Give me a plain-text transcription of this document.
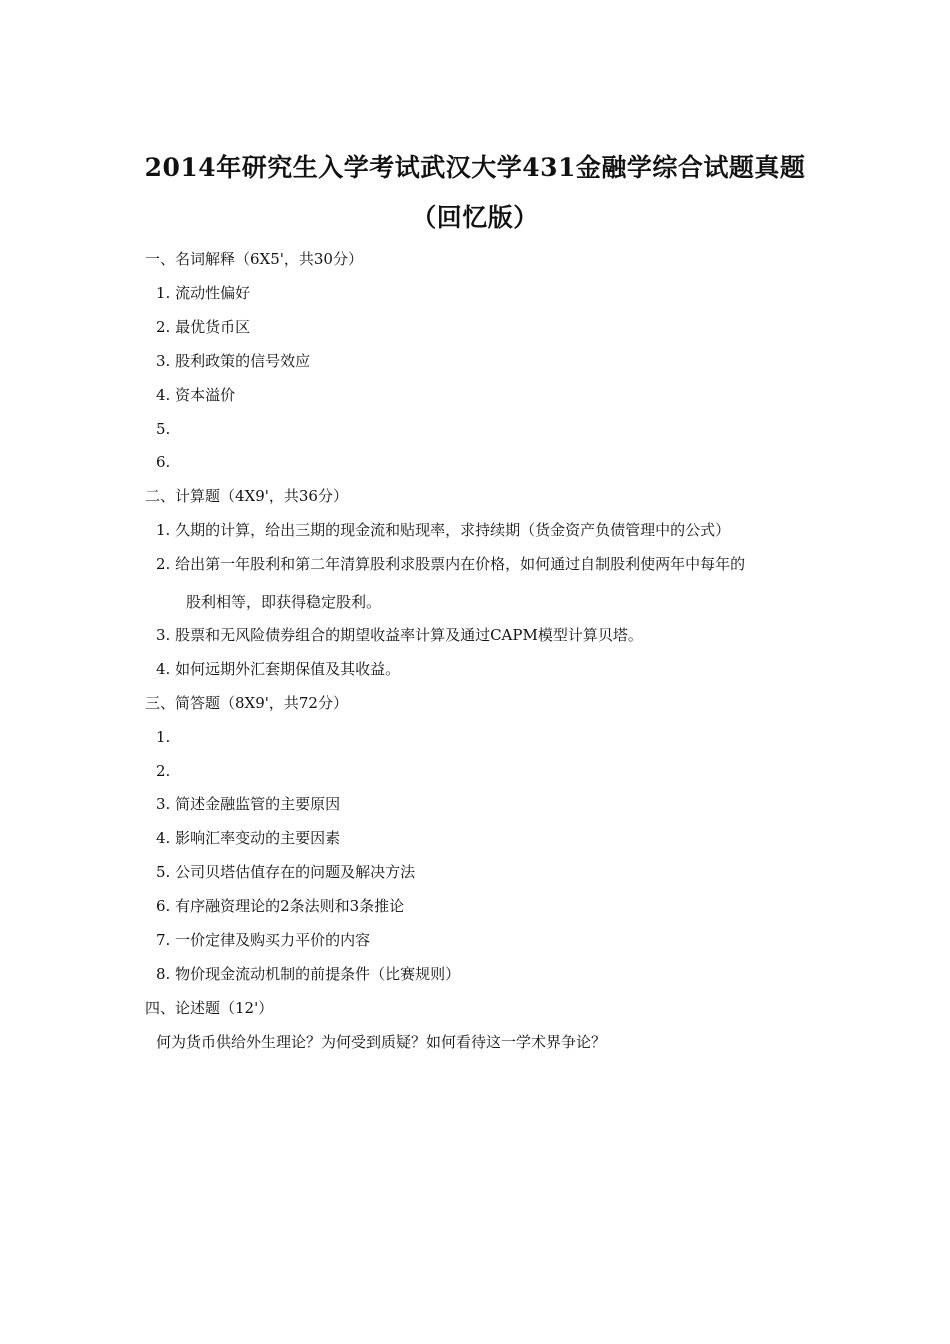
2014年研究生入学考试武汉大学431金融学综合试题真题
（回忆版）
一、名词解释（6X5'，共30分）
1. 流动性偏好
2. 最优货币区
3. 股利政策的信号效应
4. 资本溢价
5.
6.
二、计算题（4X9'，共36分）
1. 久期的计算，给出三期的现金流和贴现率，求持续期（货金资产负债管理中的公式）
2. 给出第一年股利和第二年清算股利求股票内在价格，如何通过自制股利使两年中每年的
股利相等，即获得稳定股利。
3. 股票和无风险债券组合的期望收益率计算及通过CAPM模型计算贝塔。
4. 如何远期外汇套期保值及其收益。
三、简答题（8X9'，共72分）
1.
2.
3. 简述金融监管的主要原因
4. 影响汇率变动的主要因素
5. 公司贝塔估值存在的问题及解决方法
6. 有序融资理论的2条法则和3条推论
7. 一价定律及购买力平价的内容
8. 物价现金流动机制的前提条件（比赛规则）
四、论述题（12'）
何为货币供给外生理论？为何受到质疑？如何看待这一学术界争论？
